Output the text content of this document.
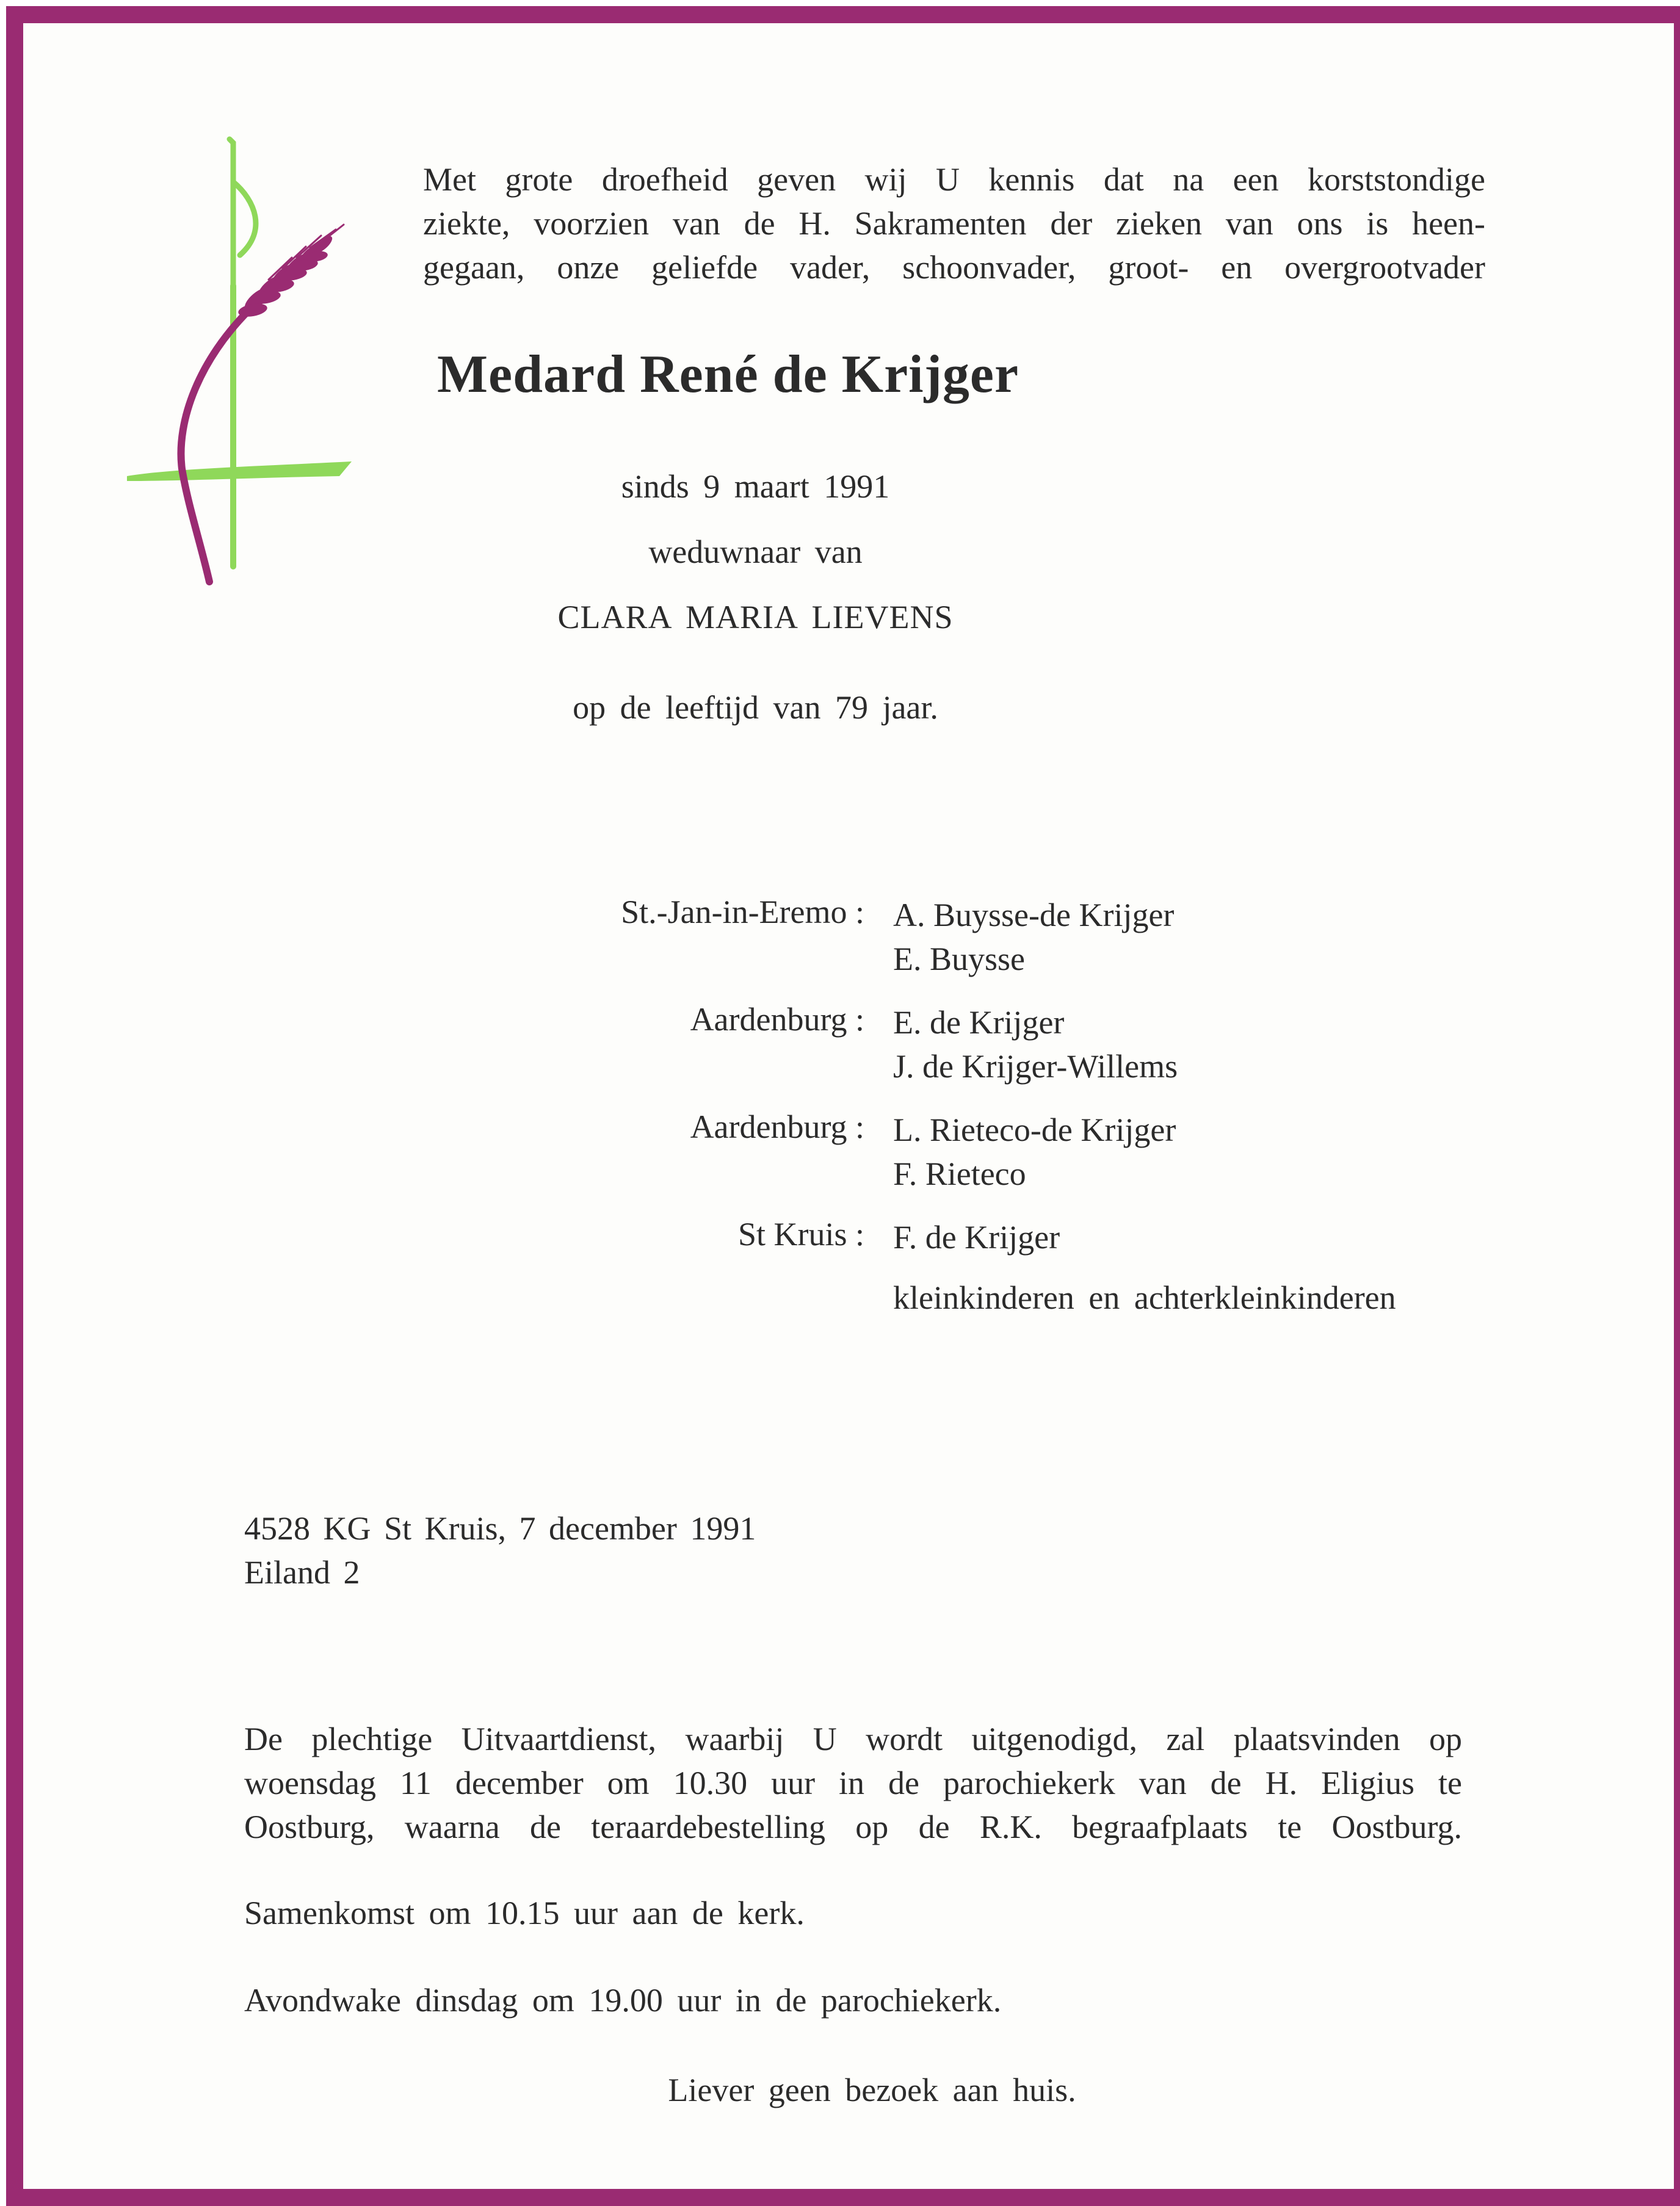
Met grote droefheid geven wij U kennis dat na een korststondige
ziekte, voorzien van de H. Sakramenten der zieken van ons is heen-
gegaan, onze geliefde vader, schoonvader, groot- en overgrootvader
Medard René de Krijger
sinds 9 maart 1991
weduwnaar van
CLARA MARIA LIEVENS
op de leeftijd van 79 jaar.
St.-Jan-in-Eremo : A. Buysse-de Krijger
E. Buysse
Aardenburg : E. de Krijger
J. de Krijger-Willems
Aardenburg : L. Rieteco-de Krijger
F. Rieteco
St Kruis : F. de Krijger
kleinkinderen en achterkleinkinderen
4528 KG St Kruis, 7 december 1991
Eiland 2
De plechtige Uitvaartdienst, waarbij U wordt uitgenodigd, zal plaatsvinden op
woensdag 11 december om 10.30 uur in de parochiekerk van de H. Eligius te
Oostburg, waarna de teraardebestelling op de R.K. begraafplaats te Oostburg.
Samenkomst om 10.15 uur aan de kerk.
Avondwake dinsdag om 19.00 uur in de parochiekerk.
Liever geen bezoek aan huis.
